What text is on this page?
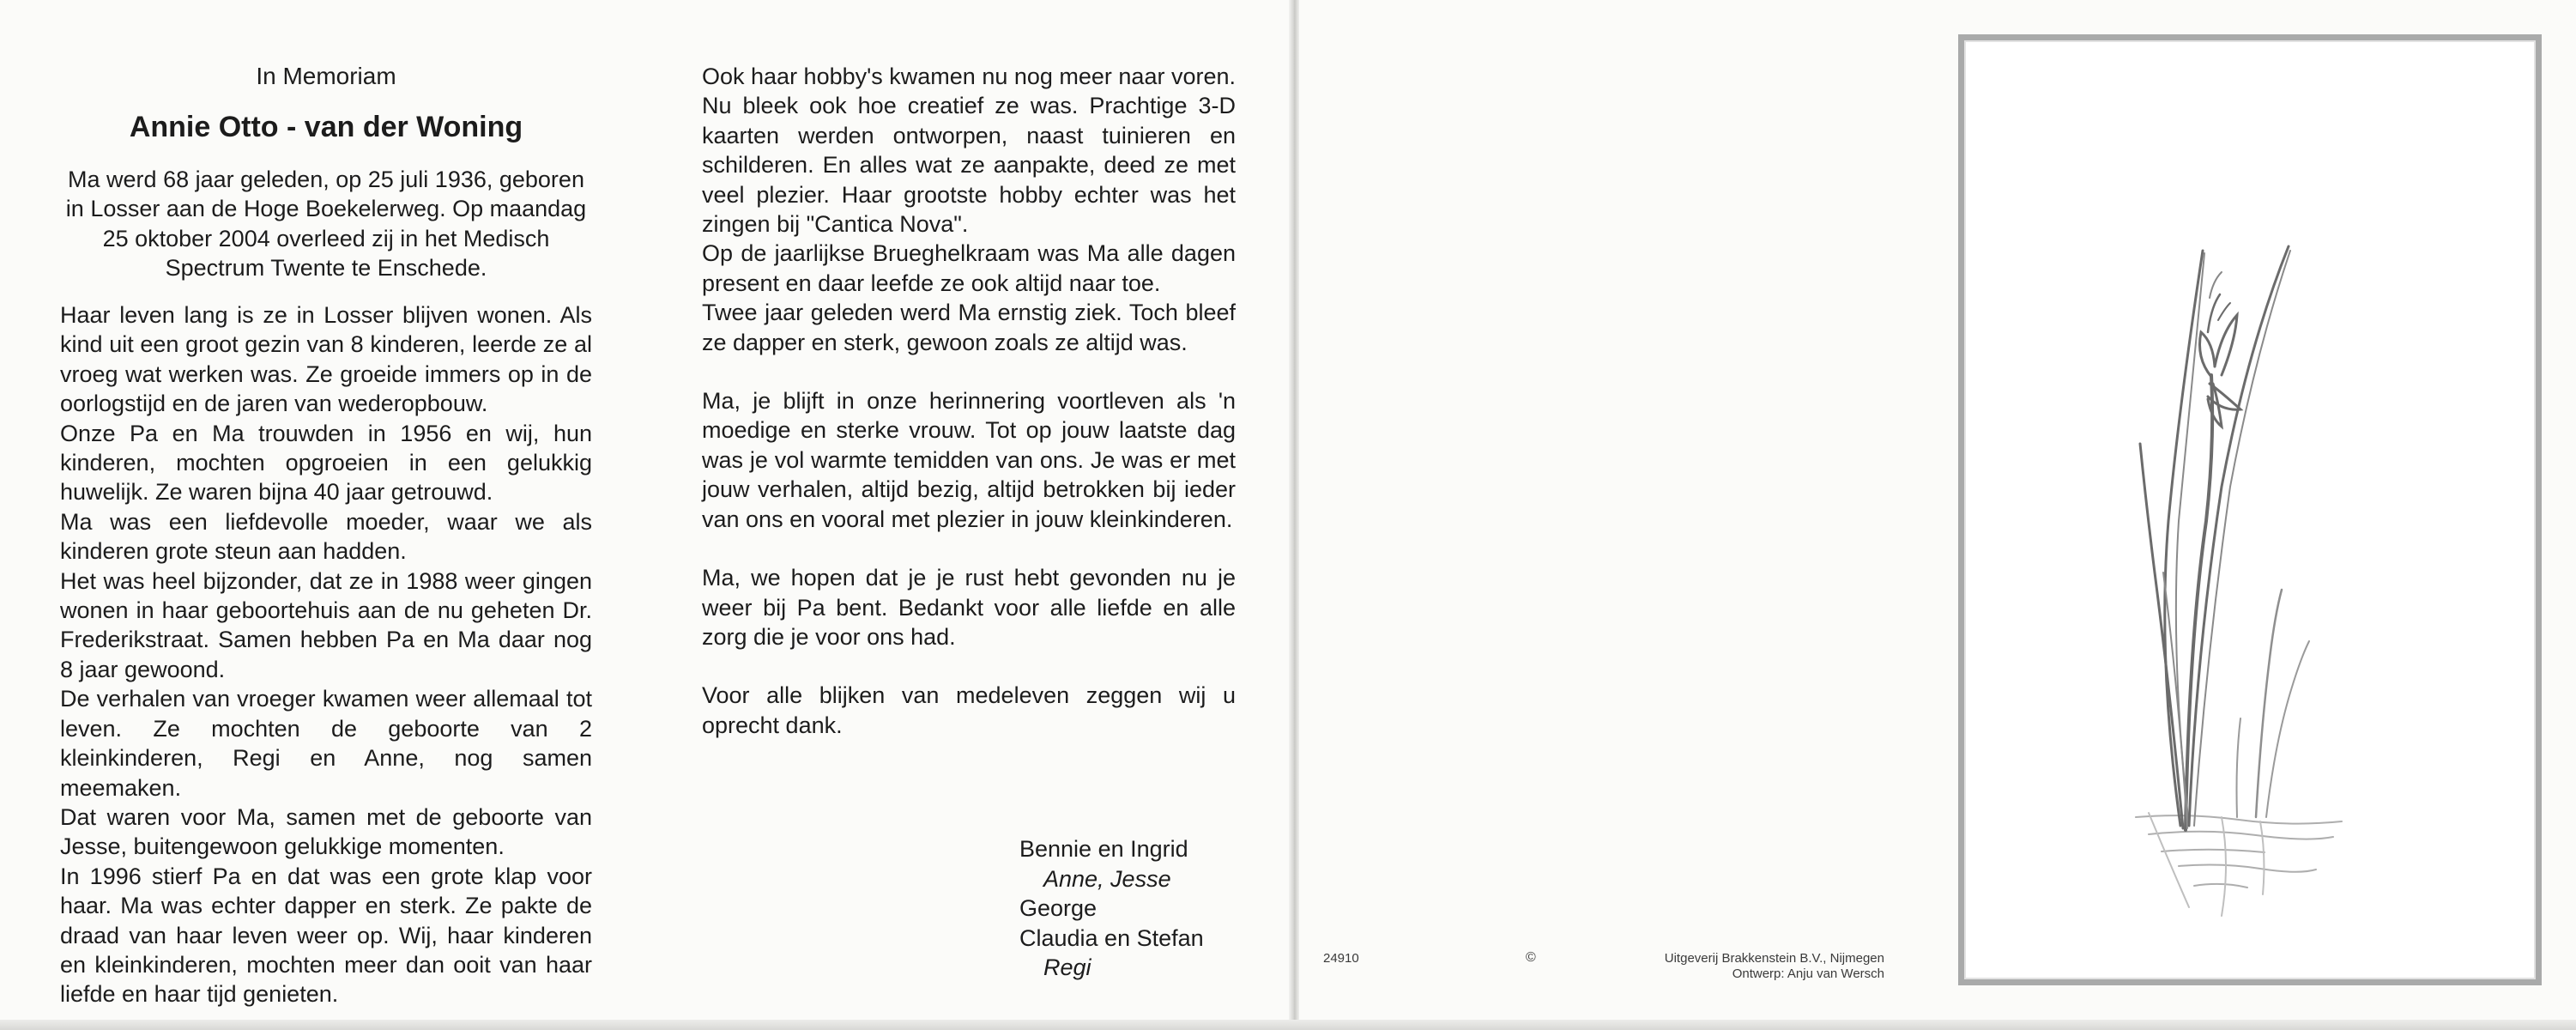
In Memoriam
Annie Otto - van der Woning
Ma werd 68 jaar geleden, op 25 juli 1936, geboren in Losser aan de Hoge Boekelerweg. Op maandag 25 oktober 2004 overleed zij in het Medisch Spectrum Twente te Enschede.

Haar leven lang is ze in Losser blijven wonen. Als kind uit een groot gezin van 8 kinderen, leerde ze al vroeg wat werken was. Ze groeide immers op in de oorlogstijd en de jaren van wederopbouw.

Onze Pa en Ma trouwden in 1956 en wij, hun kinderen, mochten opgroeien in een gelukkig huwelijk. Ze waren bijna 40 jaar getrouwd.

Ma was een liefdevolle moeder, waar we als kinderen grote steun aan hadden.

Het was heel bijzonder, dat ze in 1988 weer gingen wonen in haar geboortehuis aan de nu geheten Dr. Frederikstraat. Samen hebben Pa en Ma daar nog 8 jaar gewoond.

De verhalen van vroeger kwamen weer allemaal tot leven. Ze mochten de geboorte van 2 kleinkinderen, Regi en Anne, nog samen meemaken.

Dat waren voor Ma, samen met de geboorte van Jesse, buitengewoon gelukkige momenten.

In 1996 stierf Pa en dat was een grote klap voor haar. Ma was echter dapper en sterk. Ze pakte de draad van haar leven weer op. Wij, haar kinderen en kleinkinderen, mochten meer dan ooit van haar liefde en haar tijd genieten.

Ook haar hobby's kwamen nu nog meer naar voren. Nu bleek ook hoe creatief ze was. Prachtige 3-D kaarten werden ontworpen, naast tuinieren en schilderen. En alles wat ze aanpakte, deed ze met veel plezier. Haar grootste hobby echter was het zingen bij "Cantica Nova".

Op de jaarlijkse Brueghelkraam was Ma alle dagen present en daar leefde ze ook altijd naar toe.

Twee jaar geleden werd Ma ernstig ziek. Toch bleef ze dapper en sterk, gewoon zoals ze altijd was.

Ma, je blijft in onze herinnering voortleven als 'n moedige en sterke vrouw. Tot op jouw laatste dag was je vol warmte temidden van ons. Je was er met jouw verhalen, altijd bezig, altijd betrokken bij ieder van ons en vooral met plezier in jouw kleinkinderen.

Ma, we hopen dat je je rust hebt gevonden nu je weer bij Pa bent. Bedankt voor alle liefde en alle zorg die je voor ons had.

Voor alle blijken van medeleven zeggen wij u oprecht dank.

Bennie en Ingrid
Anne, Jesse
George
Claudia en Stefan
Regi	24910	©	Uitgeverij Brakkenstein B.V., Nijmegen
Ontwerp: Anju van Wersch
